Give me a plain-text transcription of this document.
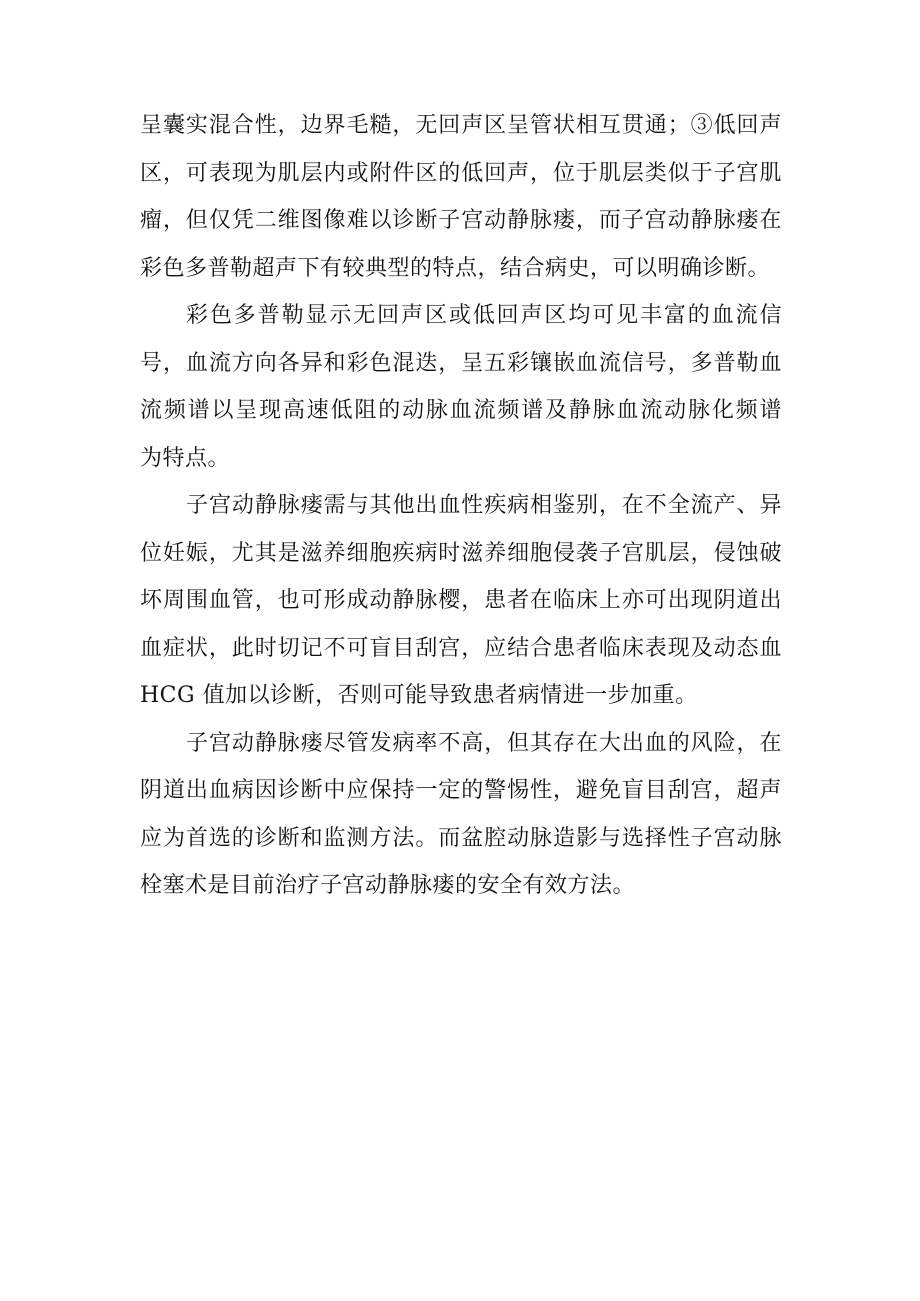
呈囊实混合性，边界毛糙，无回声区呈管状相互贯通；③低回声
区，可表现为肌层内或附件区的低回声，位于肌层类似于子宫肌
瘤，但仅凭二维图像难以诊断子宫动静脉瘘，而子宫动静脉瘘在
彩色多普勒超声下有较典型的特点，结合病史，可以明确诊断。

彩色多普勒显示无回声区或低回声区均可见丰富的血流信
号，血流方向各异和彩色混迭，呈五彩镶嵌血流信号，多普勒血
流频谱以呈现高速低阻的动脉血流频谱及静脉血流动脉化频谱
为特点。

子宫动静脉瘘需与其他出血性疾病相鉴别，在不全流产、异
位妊娠，尤其是滋养细胞疾病时滋养细胞侵袭子宫肌层，侵蚀破
坏周围血管，也可形成动静脉樱，患者在临床上亦可出现阴道出
血症状，此时切记不可盲目刮宫，应结合患者临床表现及动态血
HCG 值加以诊断，否则可能导致患者病情进一步加重。

子宫动静脉瘘尽管发病率不高，但其存在大出血的风险，在
阴道出血病因诊断中应保持一定的警惕性，避免盲目刮宫，超声
应为首选的诊断和监测方法。而盆腔动脉造影与选择性子宫动脉
栓塞术是目前治疗子宫动静脉瘘的安全有效方法。
